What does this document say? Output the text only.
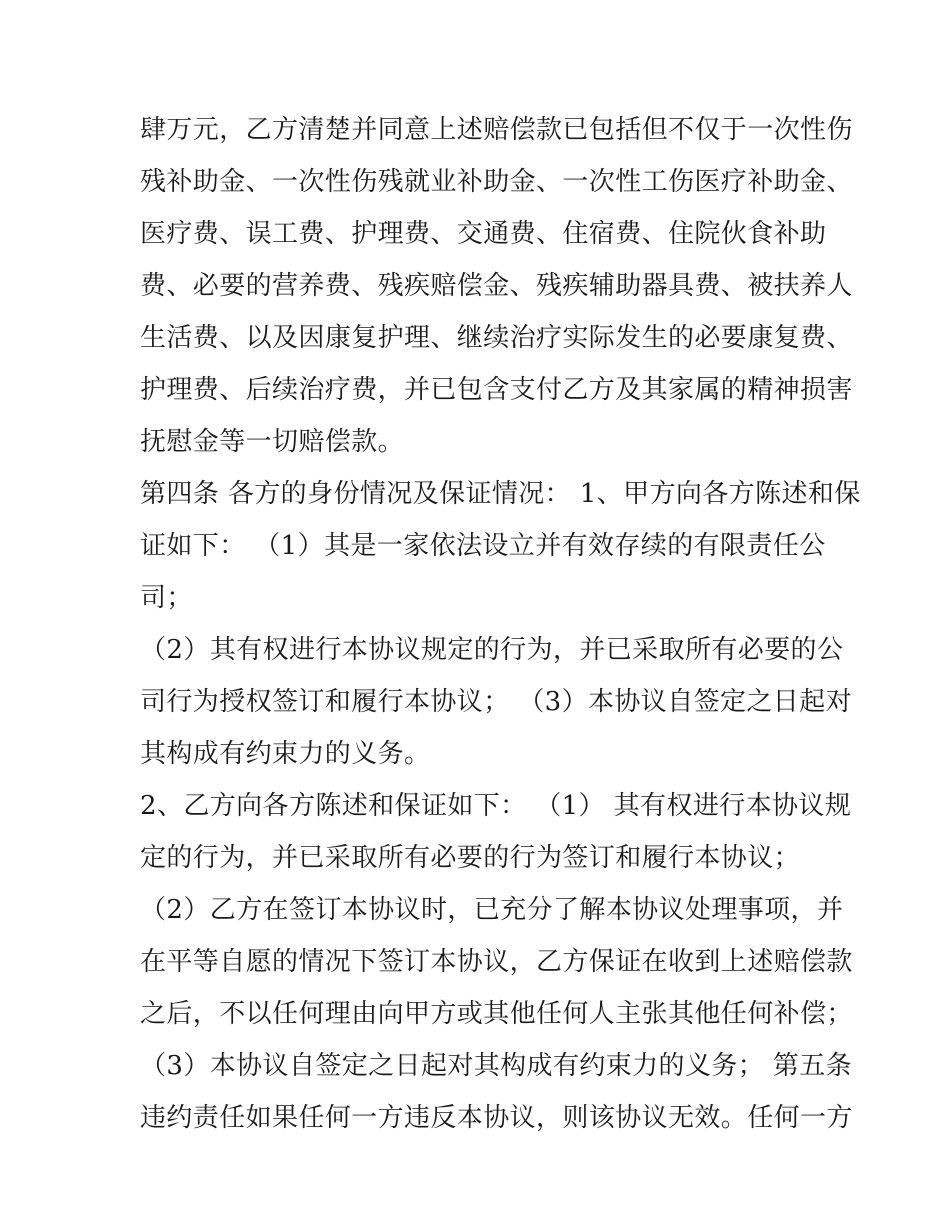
肆万元，乙方清楚并同意上述赔偿款已包括但不仅于一次性伤
残补助金、一次性伤残就业补助金、一次性工伤医疗补助金、
医疗费、误工费、护理费、交通费、住宿费、住院伙食补助
费、必要的营养费、残疾赔偿金、残疾辅助器具费、被扶养人
生活费、以及因康复护理、继续治疗实际发生的必要康复费、
护理费、后续治疗费，并已包含支付乙方及其家属的精神损害
抚慰金等一切赔偿款。
第四条 各方的身份情况及保证情况： 1、甲方向各方陈述和保
证如下： （1）其是一家依法设立并有效存续的有限责任公
司；
（2）其有权进行本协议规定的行为，并已采取所有必要的公
司行为授权签订和履行本协议； （3）本协议自签定之日起对
其构成有约束力的义务。
2、乙方向各方陈述和保证如下： （1） 其有权进行本协议规
定的行为，并已采取所有必要的行为签订和履行本协议；
（2）乙方在签订本协议时，已充分了解本协议处理事项，并
在平等自愿的情况下签订本协议，乙方保证在收到上述赔偿款
之后，不以任何理由向甲方或其他任何人主张其他任何补偿；
（3）本协议自签定之日起对其构成有约束力的义务； 第五条
违约责任如果任何一方违反本协议，则该协议无效。任何一方
